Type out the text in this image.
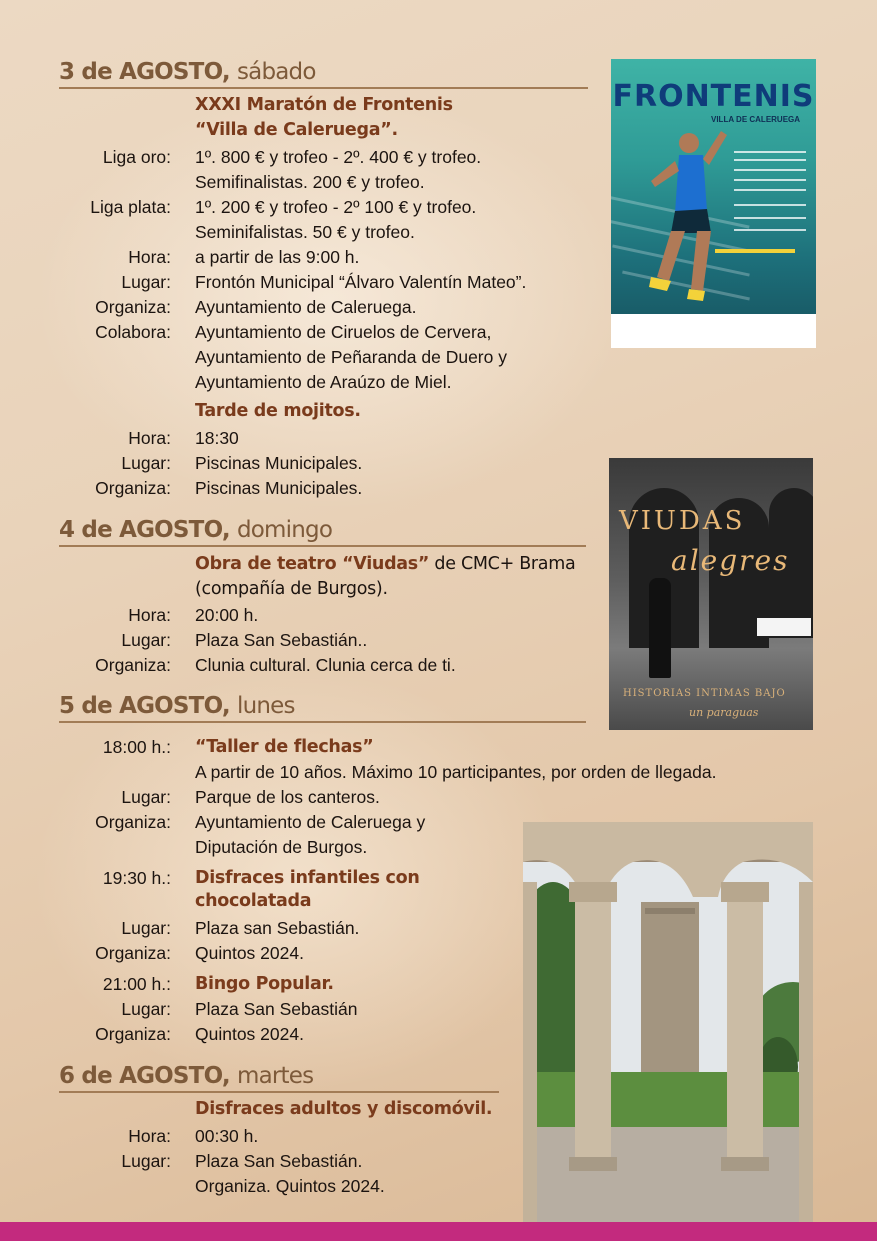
3 de AGOSTO, sábado
XXXI Maratón de Frontenis
“Villa de Caleruega”.
Liga oro: 1º. 800 € y trofeo - 2º. 400 € y trofeo.
Semifinalistas. 200 € y trofeo.
Liga plata: 1º. 200 € y trofeo - 2º 100 € y trofeo.
Seminifalistas. 50 € y trofeo.
Hora: a partir de las 9:00 h.
Lugar: Frontón Municipal “Álvaro Valentín Mateo”.
Organiza: Ayuntamiento de Caleruega.
Colabora: Ayuntamiento de Ciruelos de Cervera,
Ayuntamiento de Peñaranda de Duero y
Ayuntamiento de Araúzo de Miel.
Tarde de mojitos.
Hora: 18:30
Lugar: Piscinas Municipales.
Organiza: Piscinas Municipales.
4 de AGOSTO, domingo
Obra de teatro “Viudas” de CMC+ Brama
(compañía de Burgos).
Hora: 20:00 h.
Lugar: Plaza San Sebastián..
Organiza: Clunia cultural. Clunia cerca de ti.
5 de AGOSTO, lunes
18:00 h.: “Taller de flechas”
A partir de 10 años. Máximo 10 participantes, por orden de llegada.
Lugar: Parque de los canteros.
Organiza: Ayuntamiento de Caleruega y
Diputación de Burgos.
19:30 h.: Disfraces infantiles con
chocolatada
Lugar: Plaza san Sebastián.
Organiza: Quintos 2024.
21:00 h.: Bingo Popular.
Lugar: Plaza San Sebastián
Organiza: Quintos 2024.
6 de AGOSTO, martes
Disfraces adultos y discomóvil.
Hora: 00:30 h.
Lugar: Plaza San Sebastián.
Organiza. Quintos 2024.
FRONTENIS
VILLA DE CALERUEGA
VIUDAS
alegres
HISTORIAS INTIMAS BAJO
un paraguas
